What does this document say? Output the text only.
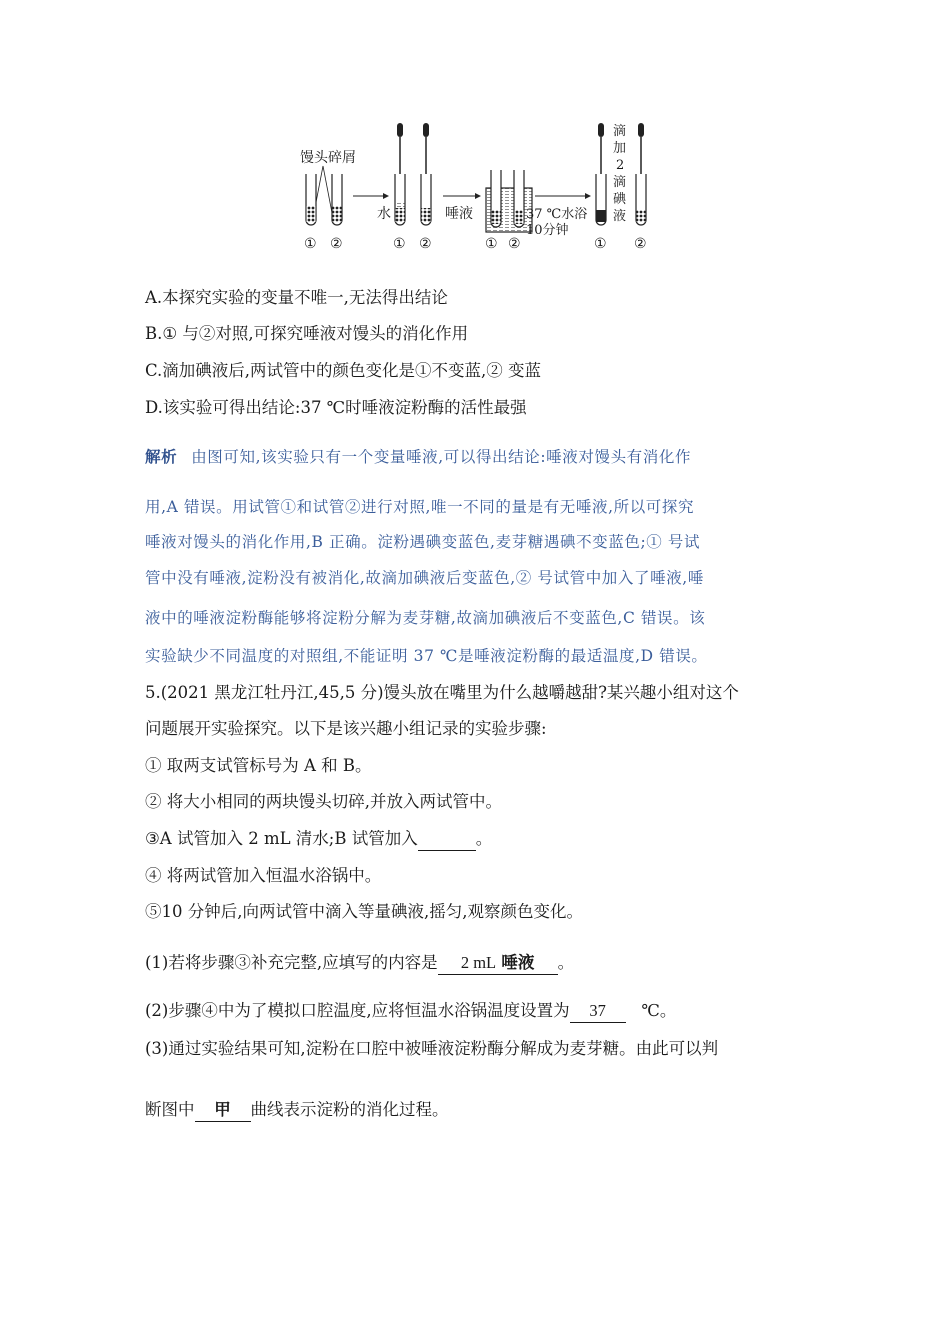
馒头碎屑
① ②
水
① ②
唾液
① ②
37 ℃水浴
10分钟
① ②
滴
加
2
滴
碘
液
A.本探究实验的变量不唯一,无法得出结论
B.① 与②对照,可探究唾液对馒头的消化作用
C.滴加碘液后,两试管中的颜色变化是①不变蓝,② 变蓝
D.该实验可得出结论:37 ℃时唾液淀粉酶的活性最强
解析 由图可知,该实验只有一个变量唾液,可以得出结论:唾液对馒头有消化作
用,A 错误。用试管①和试管②进行对照,唯一不同的量是有无唾液,所以可探究
唾液对馒头的消化作用,B 正确。淀粉遇碘变蓝色,麦芽糖遇碘不变蓝色;① 号试
管中没有唾液,淀粉没有被消化,故滴加碘液后变蓝色,② 号试管中加入了唾液,唾
液中的唾液淀粉酶能够将淀粉分解为麦芽糖,故滴加碘液后不变蓝色,C 错误。该
实验缺少不同温度的对照组,不能证明 37 ℃是唾液淀粉酶的最适温度,D 错误。
5.(2021 黑龙江牡丹江,45,5 分)馒头放在嘴里为什么越嚼越甜?某兴趣小组对这个
问题展开实验探究。以下是该兴趣小组记录的实验步骤:
① 取两支试管标号为 A 和 B。
② 将大小相同的两块馒头切碎,并放入两试管中。
③A 试管加入 2 mL 清水;B 试管加入	。
④ 将两试管加入恒温水浴锅中。
⑤10 分钟后,向两试管中滴入等量碘液,摇匀,观察颜色变化。
(1)若将步骤③补充完整,应填写的内容是 2 mL 唾液 。
(2)步骤④中为了模拟口腔温度,应将恒温水浴锅温度设置为 37 ℃。
(3)通过实验结果可知,淀粉在口腔中被唾液淀粉酶分解成为麦芽糖。由此可以判
断图中 甲 曲线表示淀粉的消化过程。
